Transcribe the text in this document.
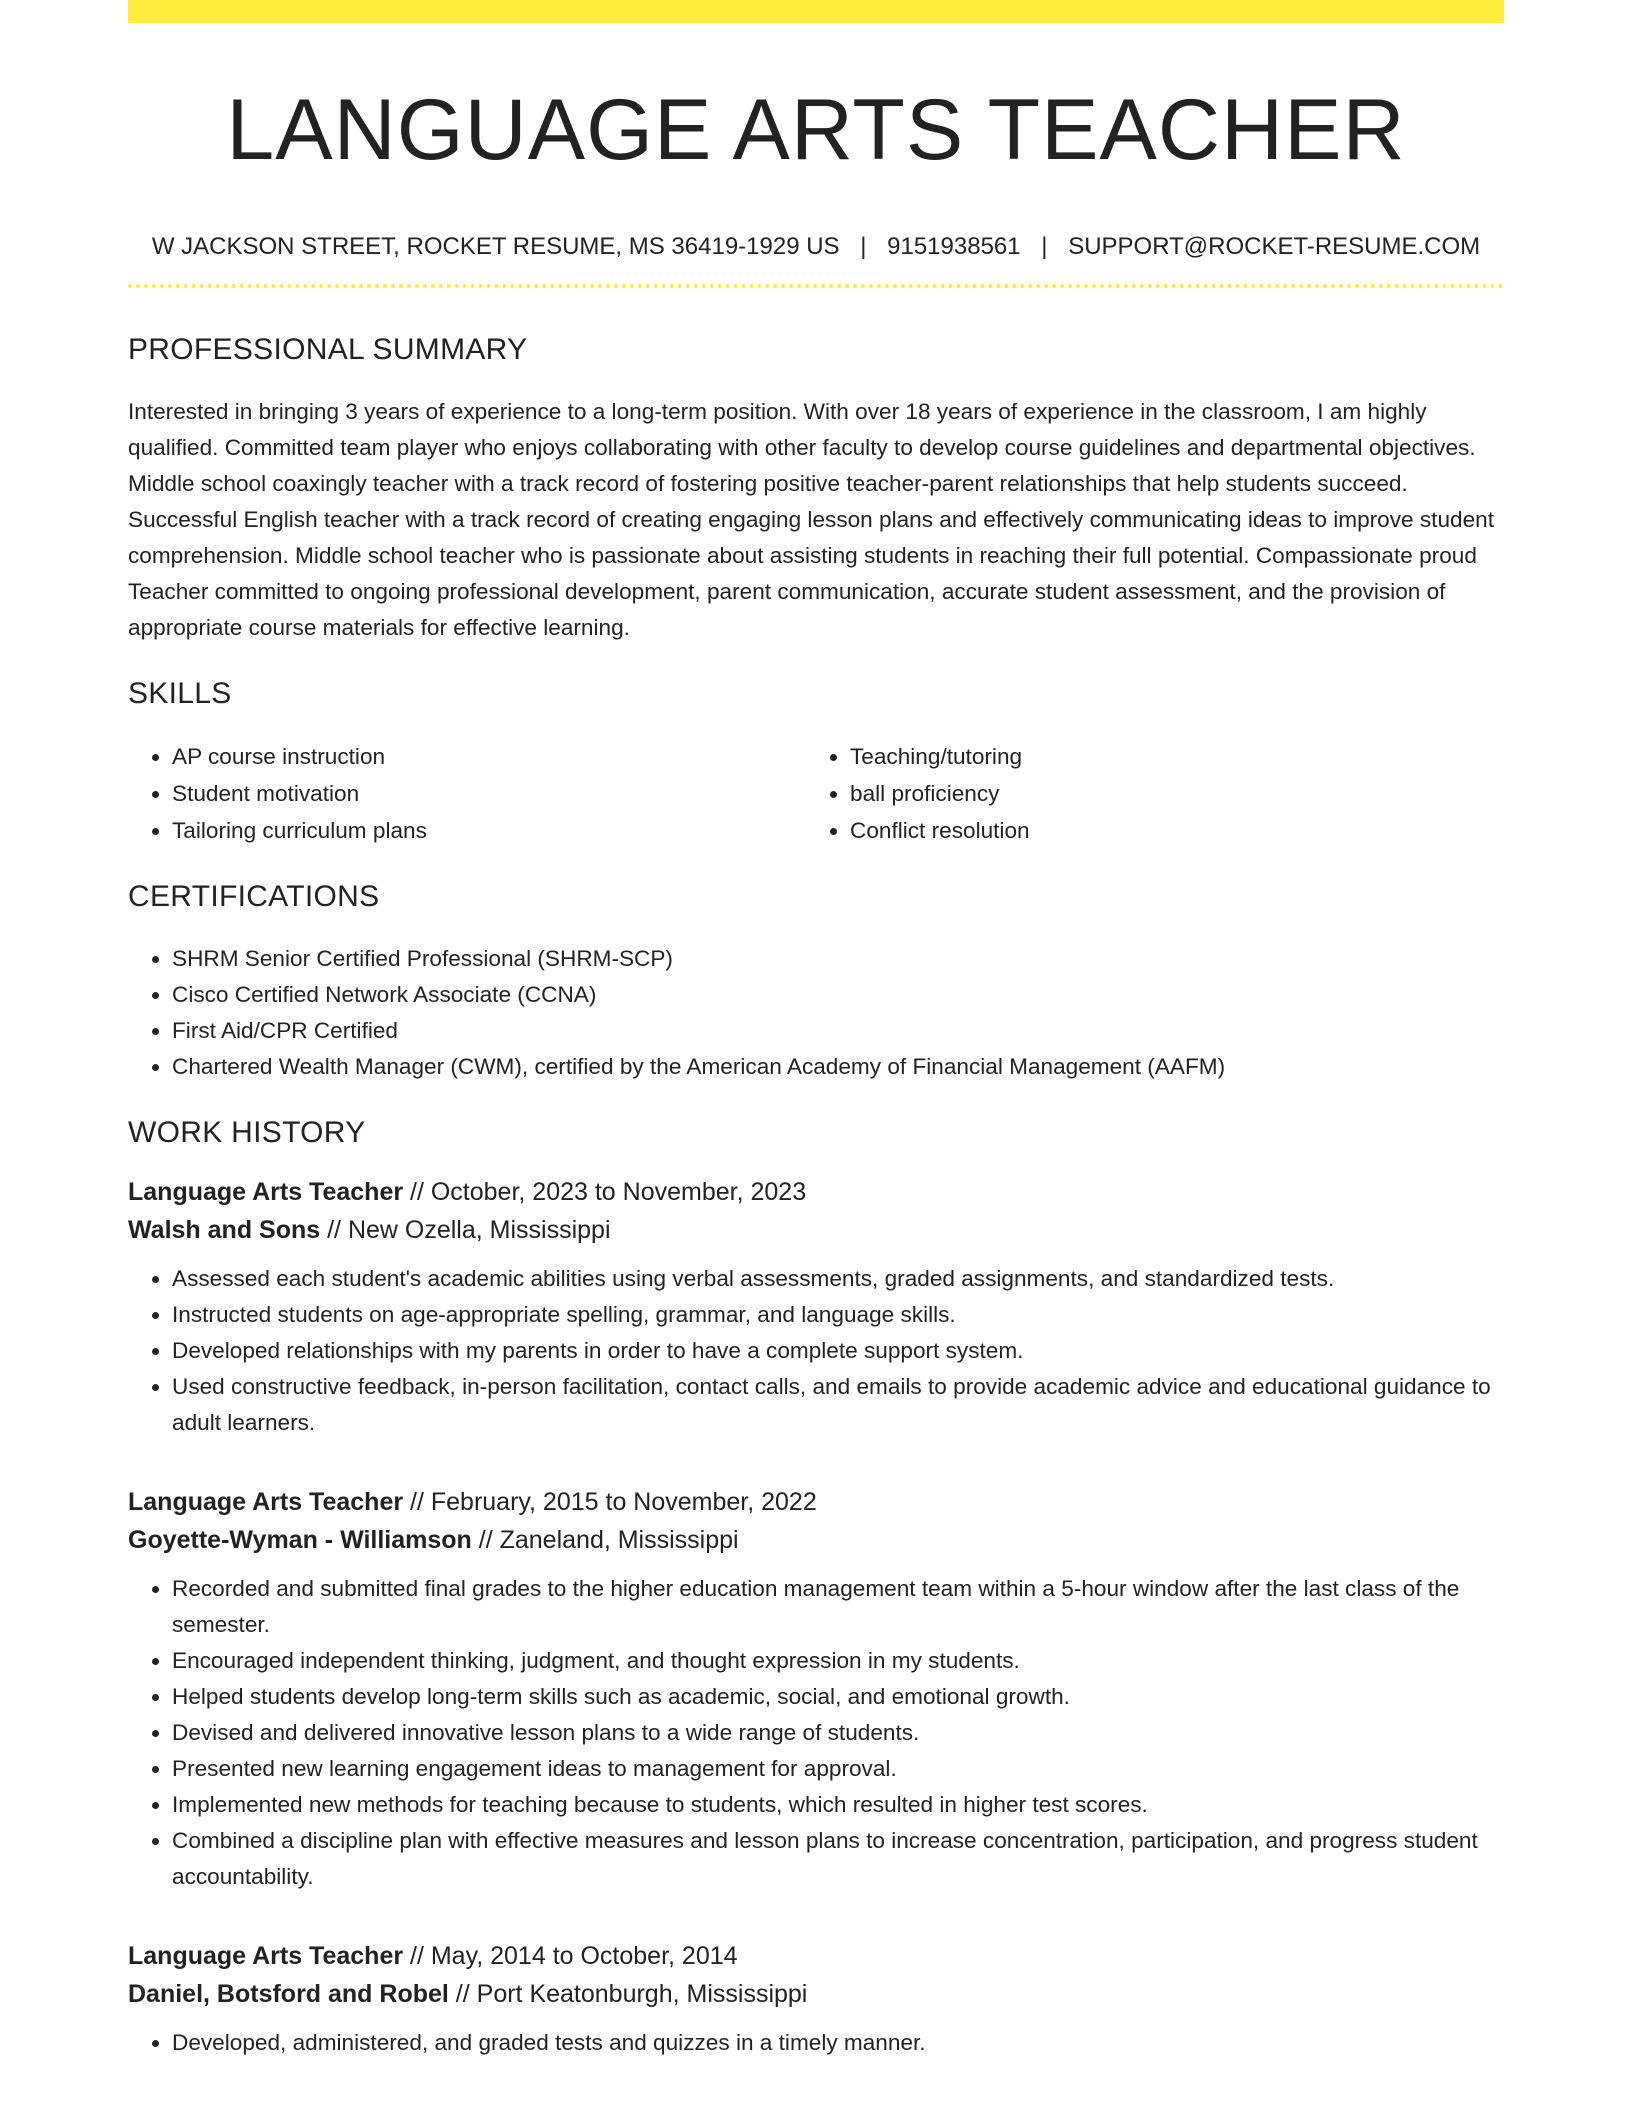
LANGUAGE ARTS TEACHER
W JACKSON STREET, ROCKET RESUME, MS 36419-1929 US | 9151938561 | SUPPORT@ROCKET-RESUME.COM
PROFESSIONAL SUMMARY

Interested in bringing 3 years of experience to a long-term position. With over 18 years of experience in the classroom, I am highly qualified. Committed team player who enjoys collaborating with other faculty to develop course guidelines and departmental objectives. Middle school coaxingly teacher with a track record of fostering positive teacher-parent relationships that help students succeed. Successful English teacher with a track record of creating engaging lesson plans and effectively communicating ideas to improve student comprehension. Middle school teacher who is passionate about assisting students in reaching their full potential. Compassionate proud Teacher committed to ongoing professional development, parent communication, accurate student assessment, and the provision of appropriate course materials for effective learning.

SKILLS
• AP course instruction
• Student motivation
• Tailoring curriculum plans
• Teaching/tutoring
• ball proficiency
• Conflict resolution
CERTIFICATIONS
• SHRM Senior Certified Professional (SHRM-SCP)
• Cisco Certified Network Associate (CCNA)
• First Aid/CPR Certified
• Chartered Wealth Manager (CWM), certified by the American Academy of Financial Management (AAFM)
WORK HISTORY
Language Arts Teacher // October, 2023 to November, 2023
Walsh and Sons // New Ozella, Mississippi
• Assessed each student's academic abilities using verbal assessments, graded assignments, and standardized tests.
• Instructed students on age-appropriate spelling, grammar, and language skills.
• Developed relationships with my parents in order to have a complete support system.
• Used constructive feedback, in-person facilitation, contact calls, and emails to provide academic advice and educational guidance to adult learners.
Language Arts Teacher // February, 2015 to November, 2022
Goyette-Wyman - Williamson // Zaneland, Mississippi
• Recorded and submitted final grades to the higher education management team within a 5-hour window after the last class of the semester.
• Encouraged independent thinking, judgment, and thought expression in my students.
• Helped students develop long-term skills such as academic, social, and emotional growth.
• Devised and delivered innovative lesson plans to a wide range of students.
• Presented new learning engagement ideas to management for approval.
• Implemented new methods for teaching because to students, which resulted in higher test scores.
• Combined a discipline plan with effective measures and lesson plans to increase concentration, participation, and progress student accountability.
Language Arts Teacher // May, 2014 to October, 2014
Daniel, Botsford and Robel // Port Keatonburgh, Mississippi
• Developed, administered, and graded tests and quizzes in a timely manner.
